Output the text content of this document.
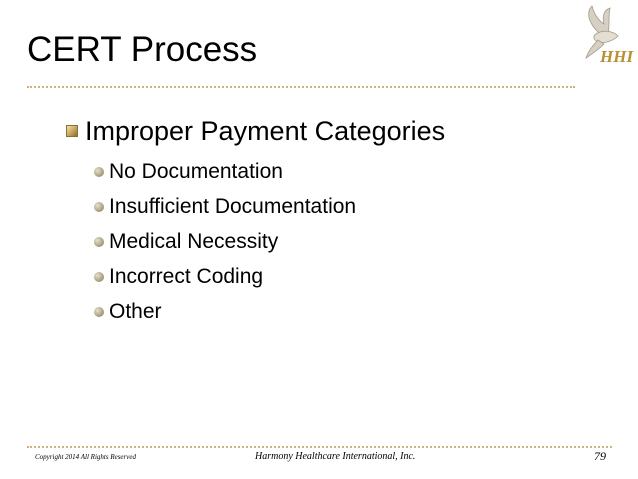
CERT Process	HHI
Improper Payment Categories
No Documentation
Insufficient Documentation
Medical Necessity
Incorrect Coding
Other
Copyright 2014 All Rights Reserved	Harmony Healthcare International, Inc.	79
